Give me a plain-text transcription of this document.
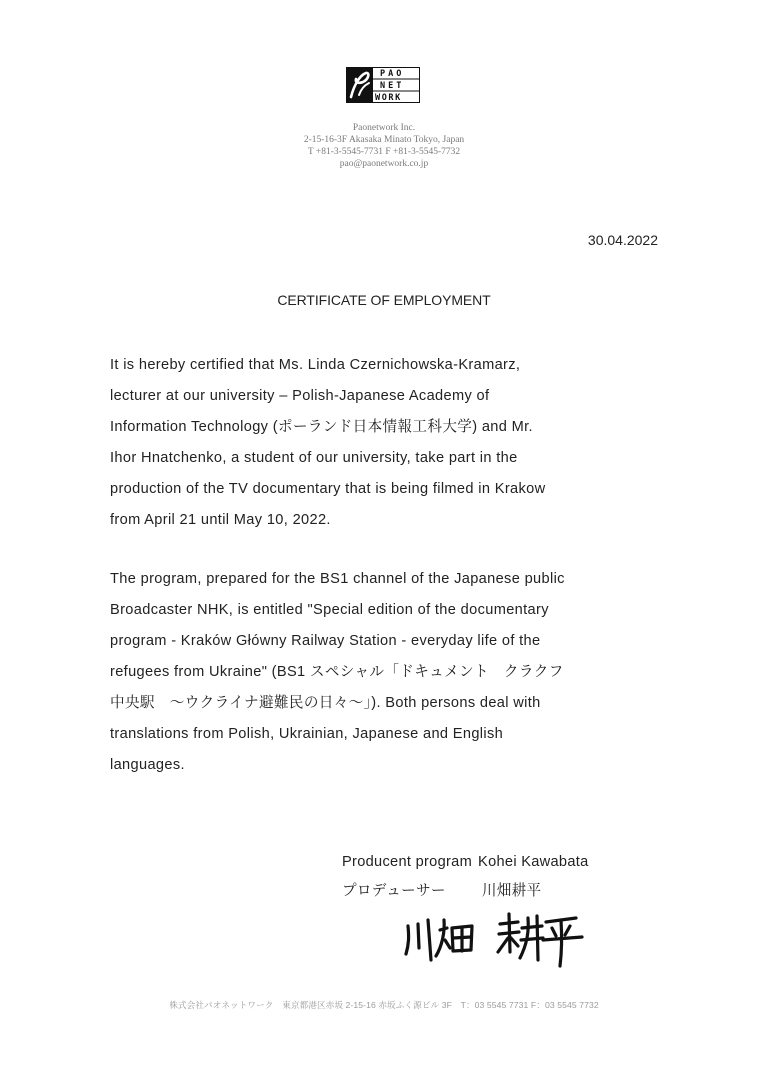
PAO
NET
WORK
Paonetwork Inc.
2-15-16-3F Akasaka Minato Tokyo, Japan
T +81-3-5545-7731 F +81-3-5545-7732
pao@paonetwork.co.jp
30.04.2022
CERTIFICATE OF EMPLOYMENT
It is hereby certified that Ms. Linda Czernichowska-Kramarz,
lecturer at our university – Polish-Japanese Academy of
Information Technology (ポーランド日本情報工科大学) and Mr.
Ihor Hnatchenko, a student of our university, take part in the
production of the TV documentary that is being filmed in Krakow
from April 21 until May 10, 2022.
The program, prepared for the BS1 channel of the Japanese public
Broadcaster NHK, is entitled "Special edition of the documentary
program - Kraków Główny Railway Station - everyday life of the
refugees from Ukraine" (BS1 スペシャル「ドキュメント　クラクフ
中央駅　～ウクライナ避難民の日々～」). Both persons deal with
translations from Polish, Ukrainian, Japanese and English
languages.
Producent program Kohei Kawabata
プロデューサー 川畑耕平
株式会社パオネットワーク　東京都港区赤坂 2-15-16 赤坂ふく源ビル 3F　T：03 5545 7731 F：03 5545 7732
